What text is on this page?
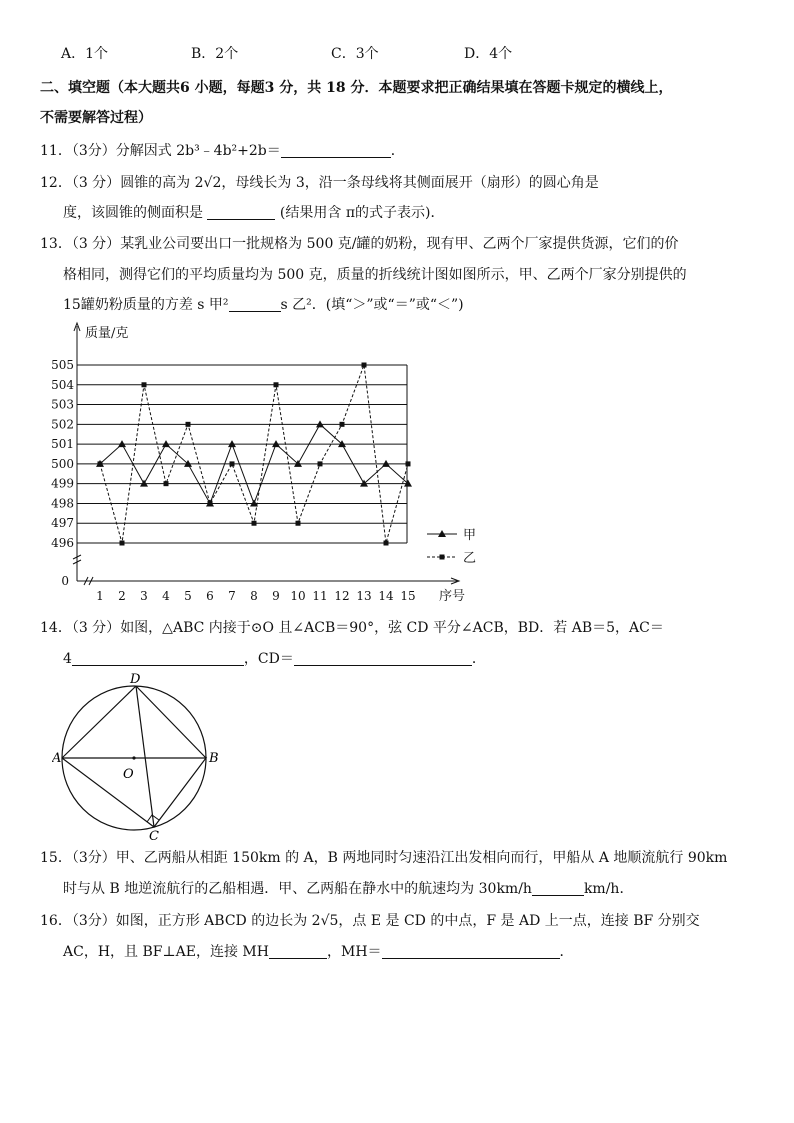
A．1个	B．2个	C．3个	D．4个
二、填空题（本大题共6 小题，每题3 分，共 18 分．本题要求把正确结果填在答题卡规定的横线上，
不需要解答过程）
11．（3分）分解因式 2b³﹣4b²+2b＝	．
12．（3 分）圆锥的高为 2√2，母线长为 3，沿一条母线将其侧面展开（扇形）的圆心角是
度，该圆锥的侧面积是	(结果用含 π的式子表示)．
13．（3 分）某乳业公司要出口一批规格为 500 克/罐的奶粉，现有甲、乙两个厂家提供货源，它们的价
格相同，测得它们的平均质量均为 500 克，质量的折线统计图如图所示，甲、乙两个厂家分别提供的
15罐奶粉质量的方差 s 甲²	s 乙²．(填“＞”或“＝”或“＜”)
质量/克
序号
0
496
497
498
499
500
501
502
503
504
505
1 2 3 4 5 6 7 8 9 10 11 12 13 14 15
甲
乙
14．（3 分）如图，△ABC 内接于⊙O 且∠ACB＝90°，弦 CD 平分∠ACB，BD．若 AB＝5，AC＝
4	，CD＝	．
A	B
C
D
O
15．（3分）甲、乙两船从相距 150km 的 A，B 两地同时匀速沿江出发相向而行，甲船从 A 地顺流航行 90km
时与从 B 地逆流航行的乙船相遇．甲、乙两船在静水中的航速均为 30km/h	km/h．
16．（3分）如图，正方形 ABCD 的边长为 2√5，点 E 是 CD 的中点，F 是 AD 上一点，连接 BF 分别交
AC，H，且 BF⊥AE，连接 MH	，MH＝	．
